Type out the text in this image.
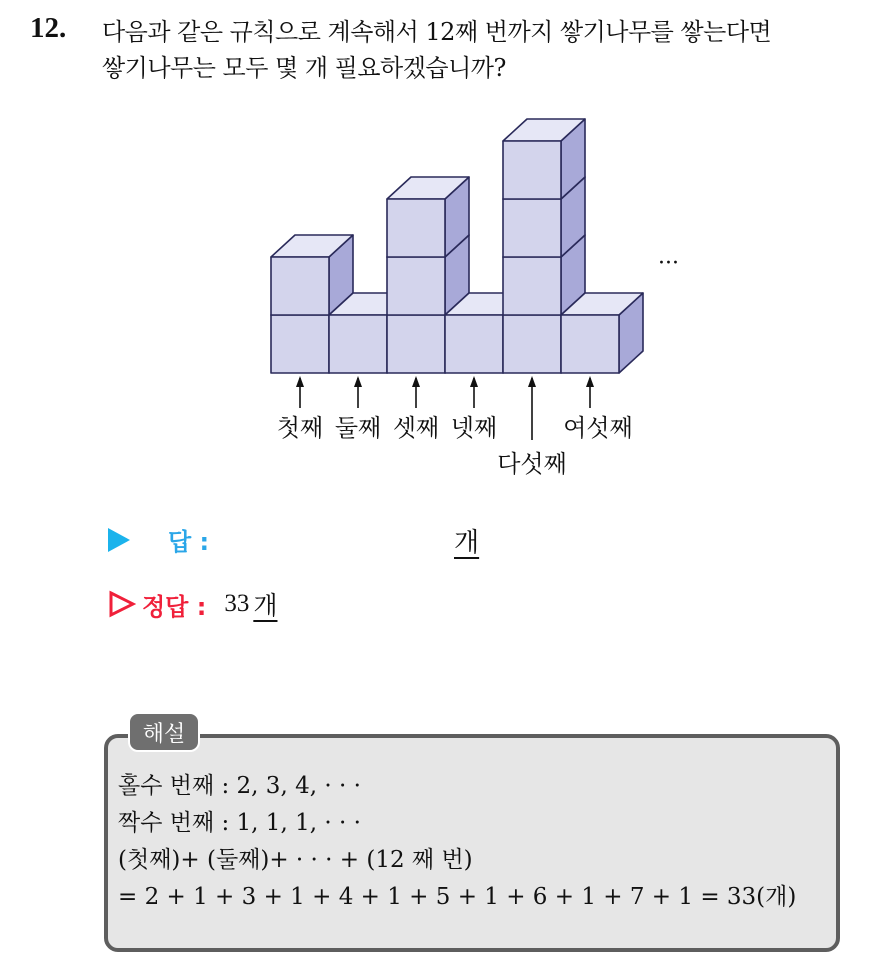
12. 다음과 같은 규칙으로 계속해서 12째 번까지 쌓기나무를 쌓는다면
쌓기나무는 모두 몇 개 필요하겠습니까?
···
첫째 둘째 셋째 넷째
다섯째
여섯째
답 :	개
정답 : 33 개
해설
홀수 번째 : 2, 3, 4, · · ·
짝수 번째 : 1, 1, 1, · · ·
(첫째)+ (둘째)+ · · · + (12 째 번)
= 2 + 1 + 3 + 1 + 4 + 1 + 5 + 1 + 6 + 1 + 7 + 1 = 33(개)
